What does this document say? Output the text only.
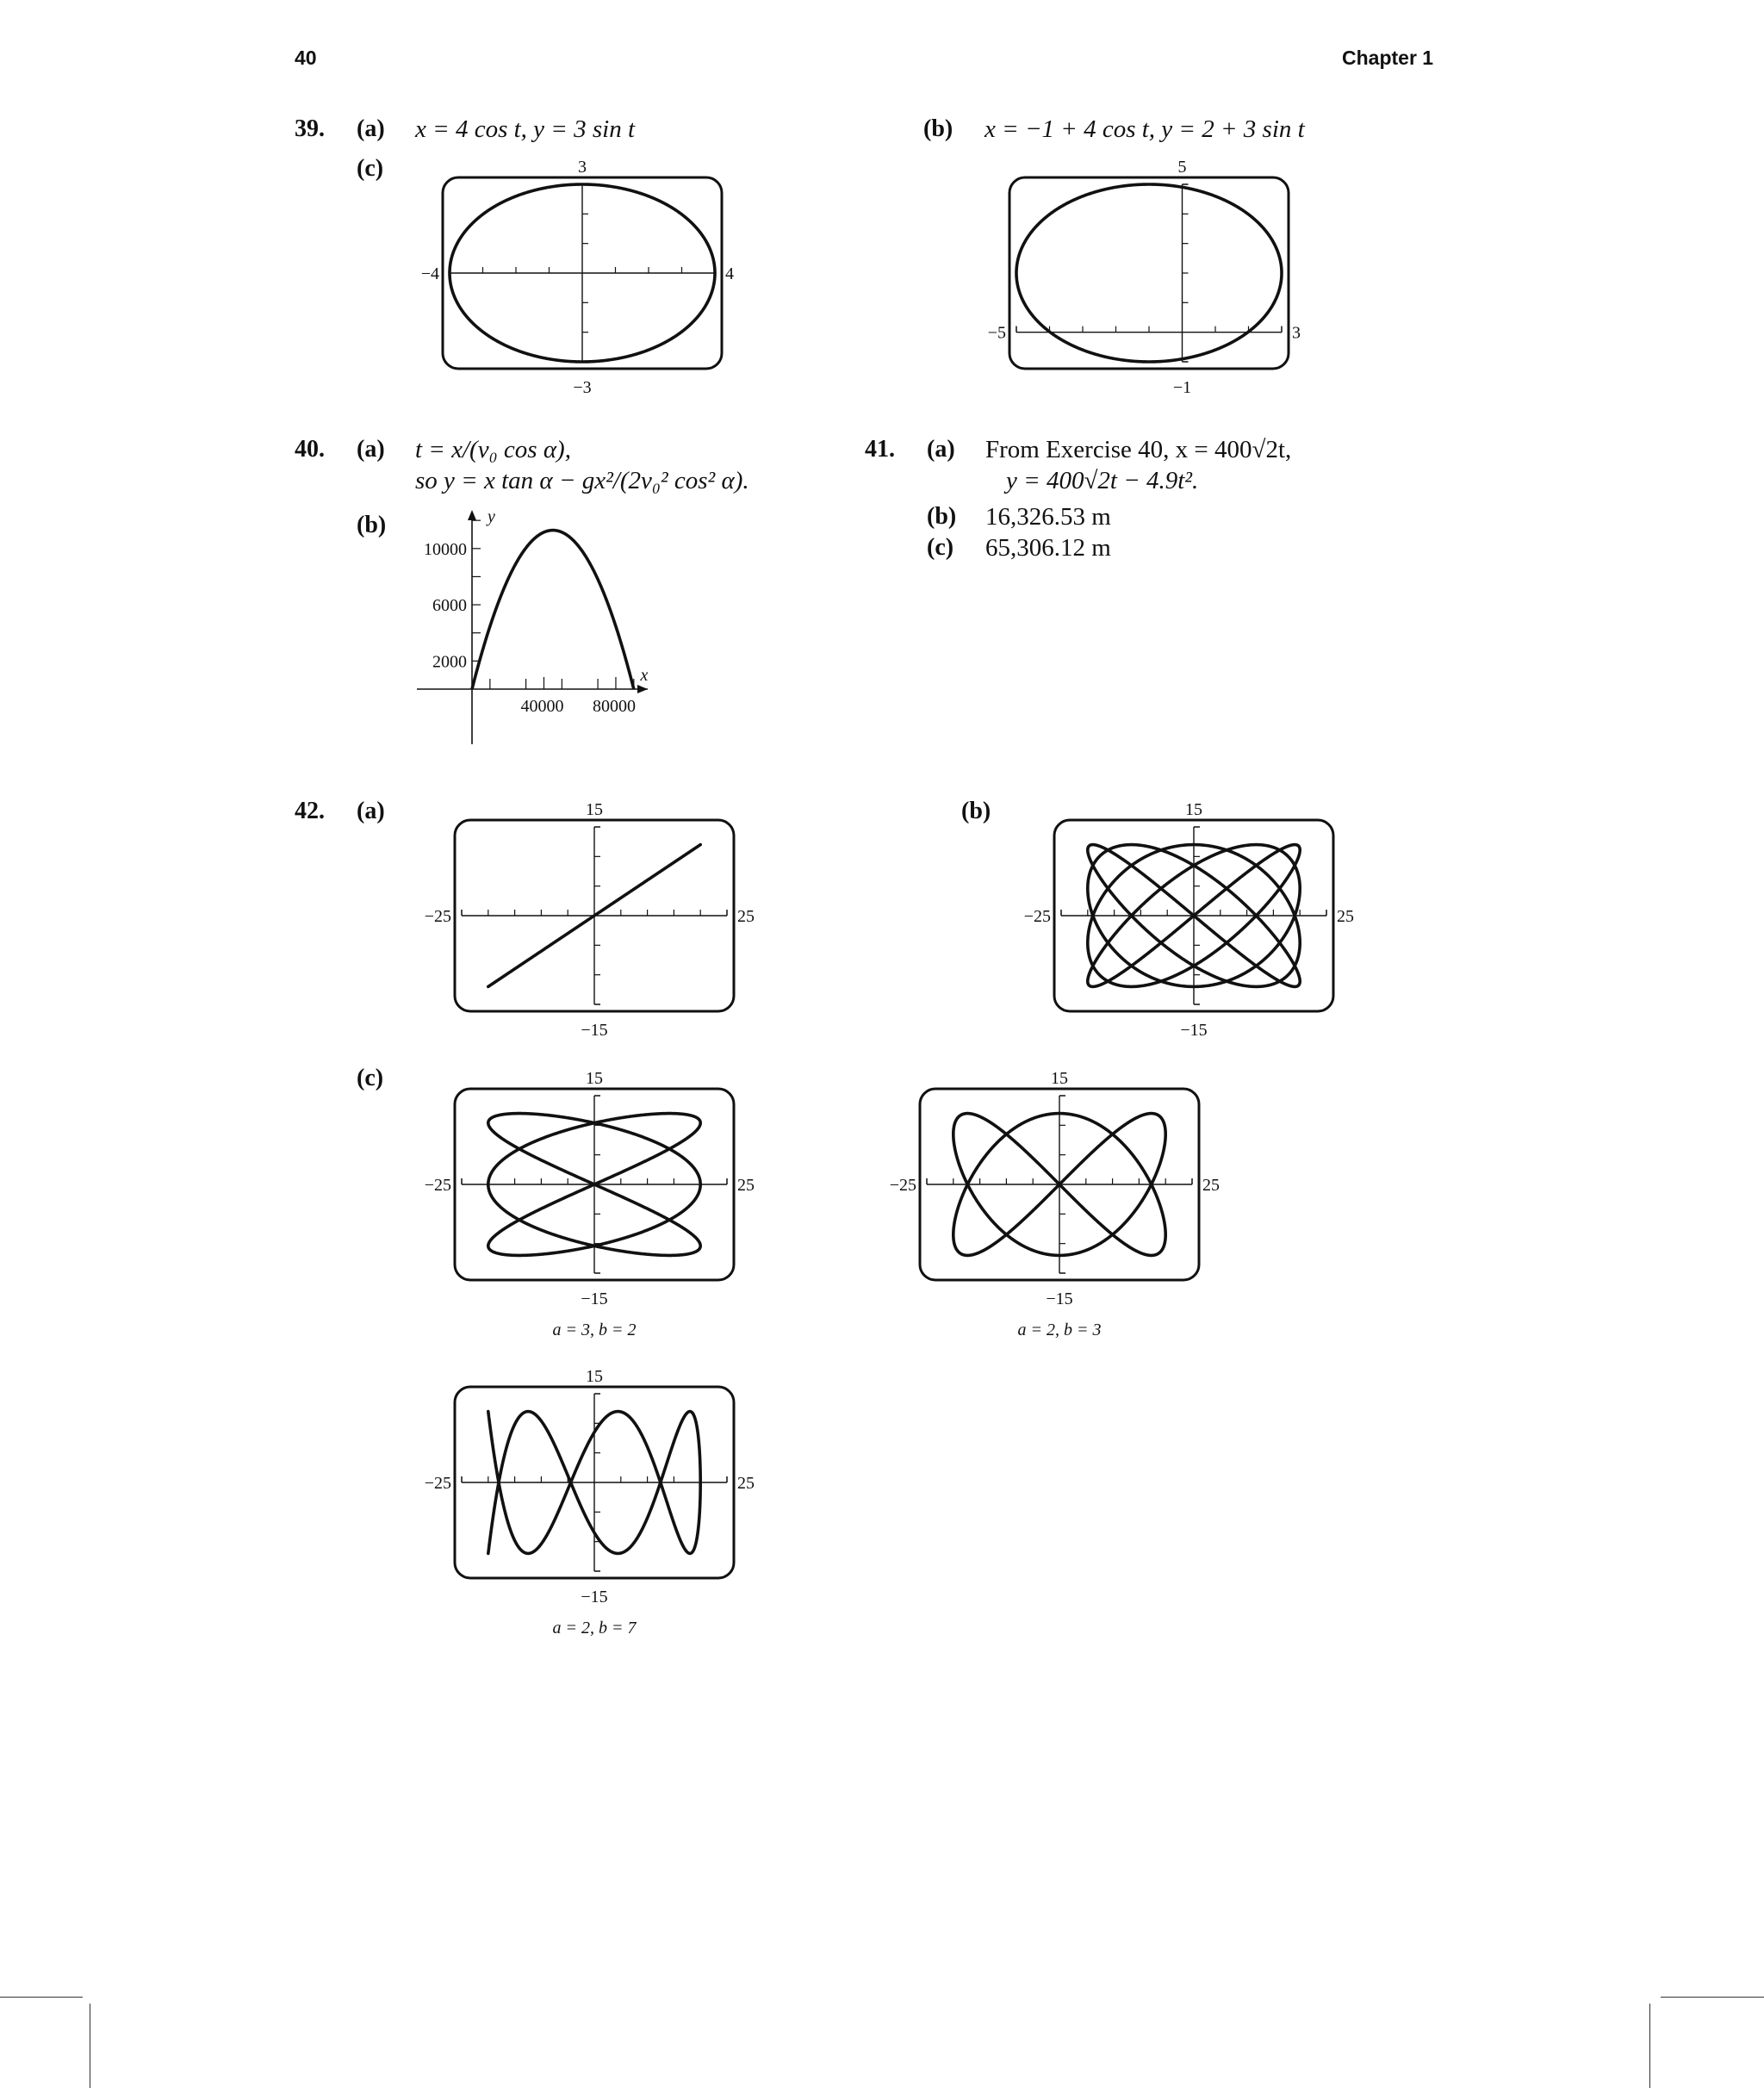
40	Chapter 1
39. (a) x = 4 cos t, y = 3 sin t	(b) x = −1 + 4 cos t, y = 2 + 3 sin t
(c)
40. (a) t = x/(v₀ cos α),
so y = x tan α − gx²/(2v₀² cos² α).
(b)
41. (a) From Exercise 40, x = 400√2t,
y = 400√2t − 4.9t².
(b) 16,326.53 m
(c) 65,306.12 m
42. (a)	(b)
(c)
−4	4
3
−3
−5	3
5
−1
−25	25
15
−15
−25	25
15
−15
−25	25
15
−15
a = 3, b = 2
−25	25
15
−15
a = 2, b = 3
−25	25
15
−15
a = 2, b = 7
y
x
40000 80000
2000
6000
10000
